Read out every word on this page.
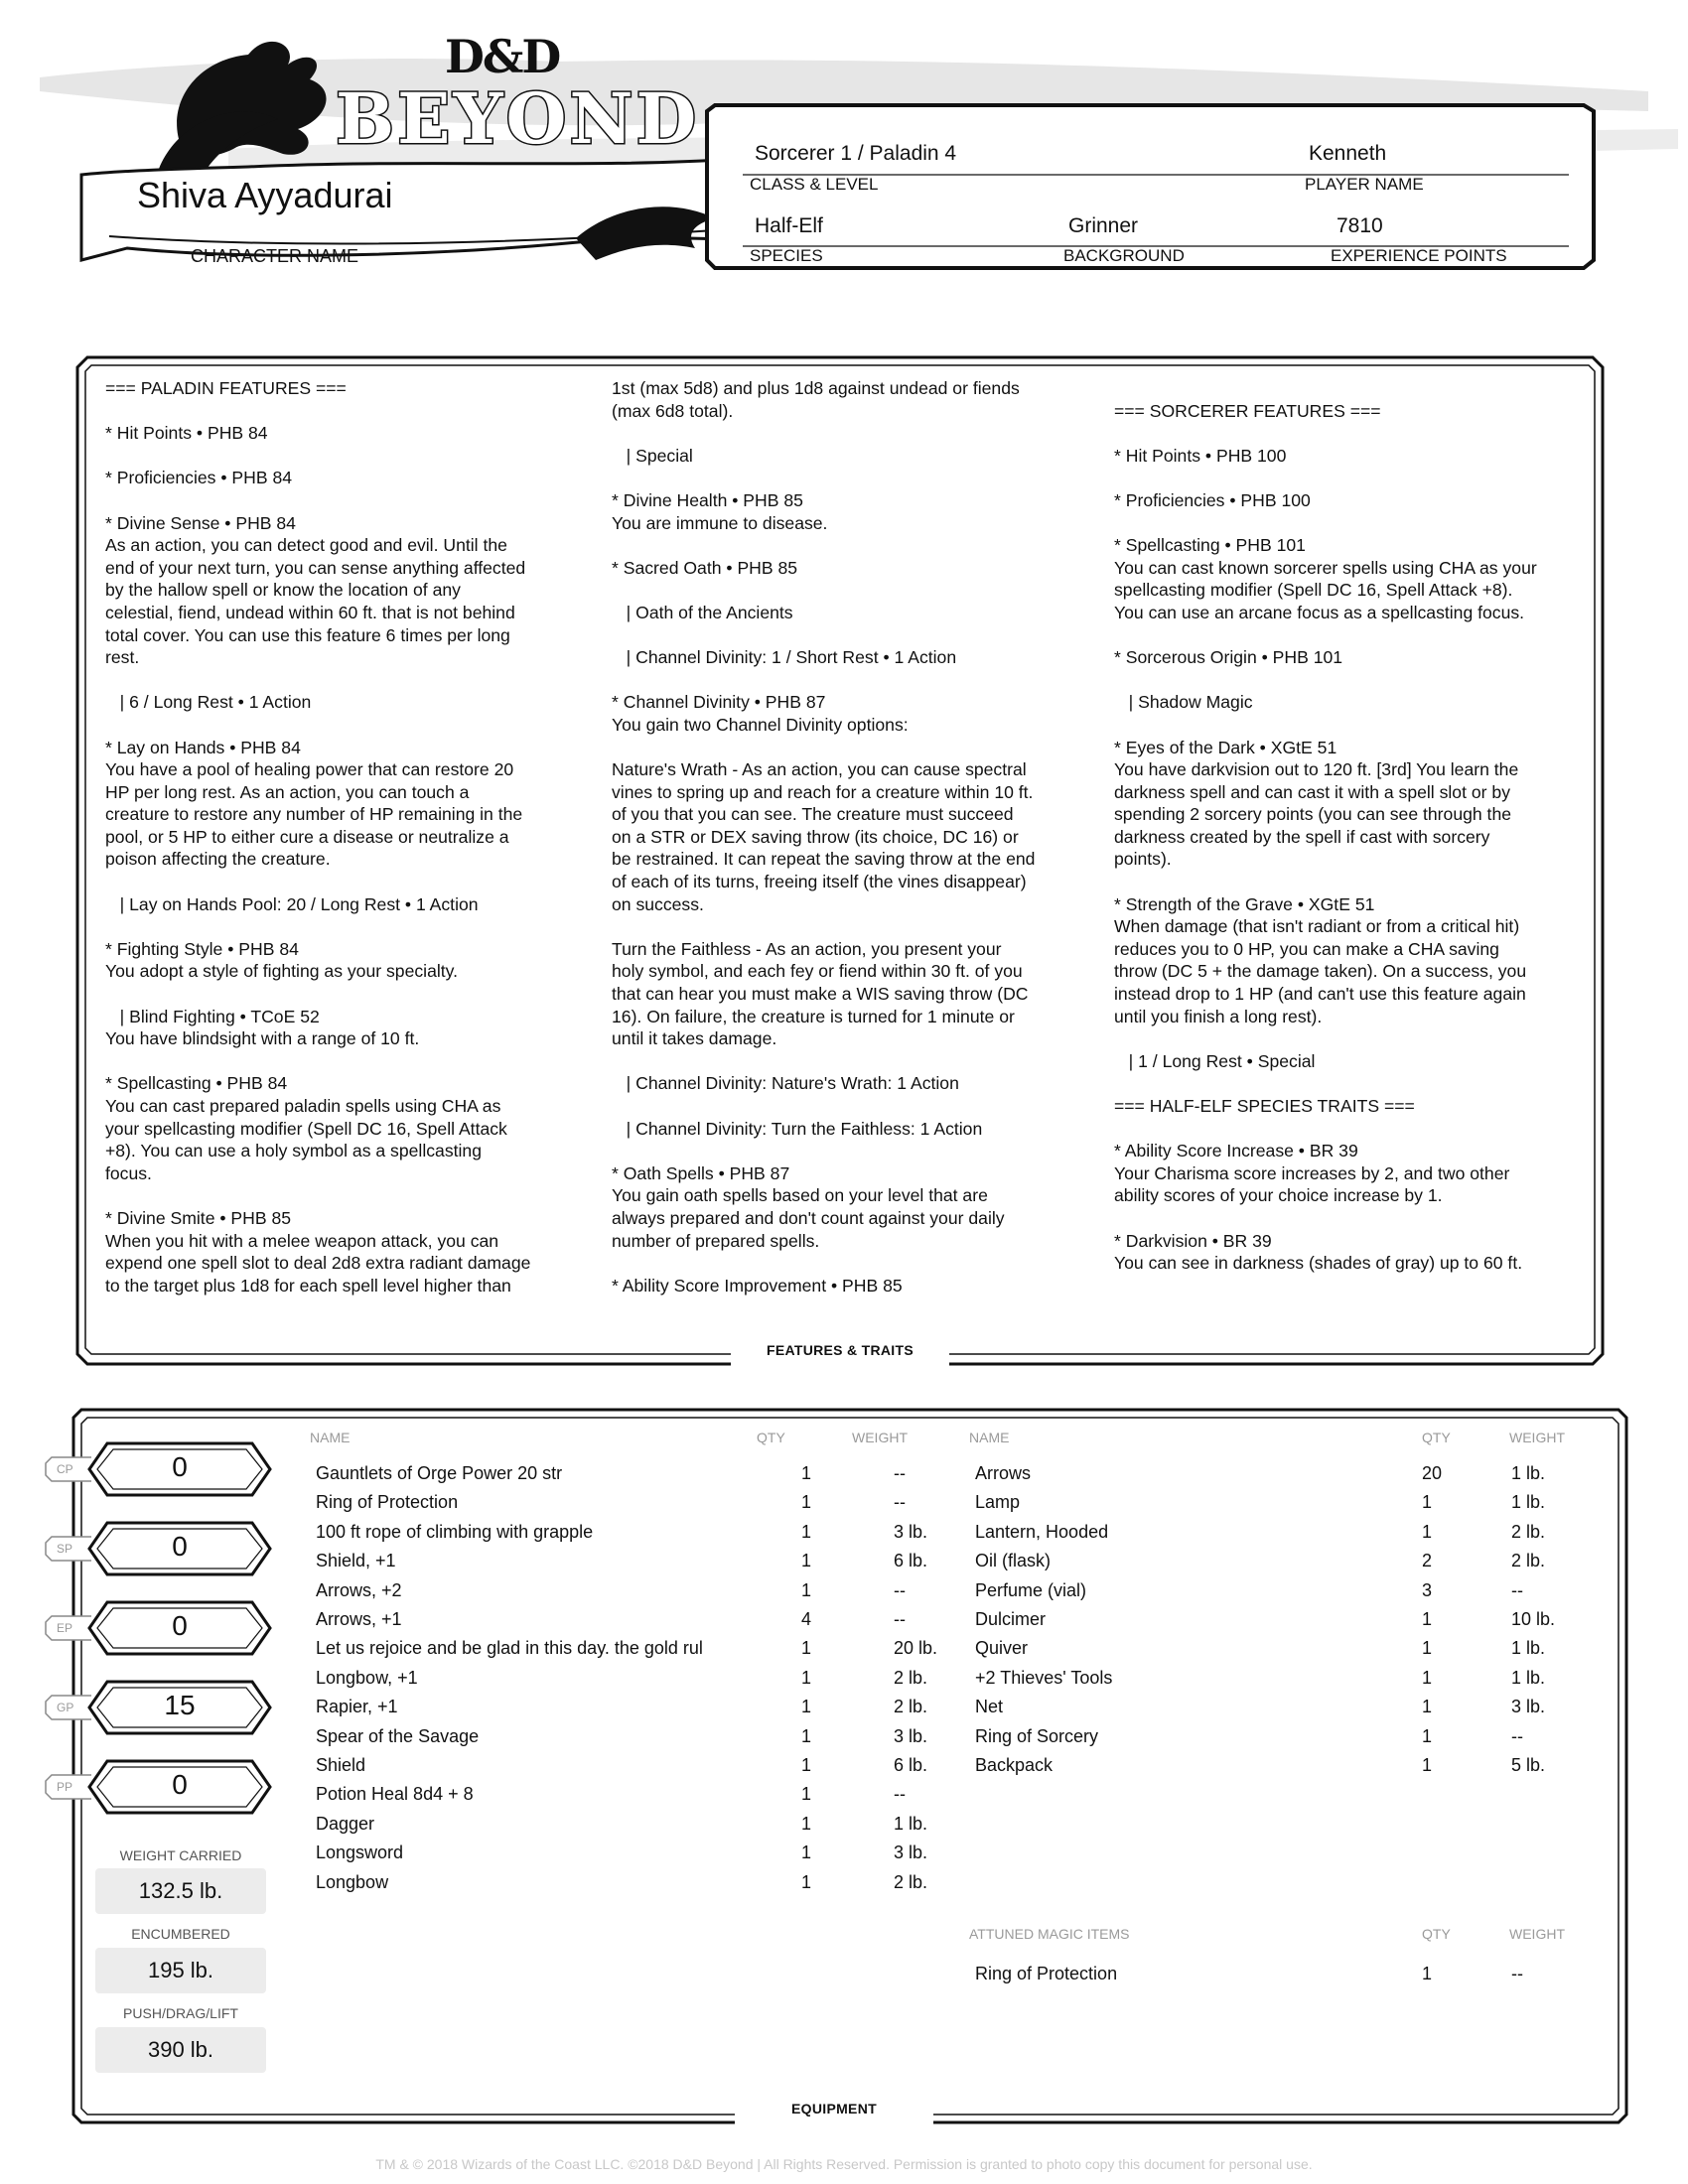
D&D
BEYOND
Shiva Ayyadurai
CHARACTER NAME
Sorcerer 1 / Paladin 4
CLASS & LEVEL
Kenneth
PLAYER NAME
Half-Elf
SPECIES
Grinner
BACKGROUND
7810
EXPERIENCE POINTS
=== PALADIN FEATURES ===

* Hit Points • PHB 84

* Proficiencies • PHB 84

* Divine Sense • PHB 84
As an action, you can detect good and evil. Until the
end of your next turn, you can sense anything affected
by the hallow spell or know the location of any
celestial, fiend, undead within 60 ft. that is not behind
total cover. You can use this feature 6 times per long
rest.

| 6 / Long Rest • 1 Action

* Lay on Hands • PHB 84
You have a pool of healing power that can restore 20
HP per long rest. As an action, you can touch a
creature to restore any number of HP remaining in the
pool, or 5 HP to either cure a disease or neutralize a
poison affecting the creature.

| Lay on Hands Pool: 20 / Long Rest • 1 Action

* Fighting Style • PHB 84
You adopt a style of fighting as your specialty.

| Blind Fighting • TCoE 52
You have blindsight with a range of 10 ft.

* Spellcasting • PHB 84
You can cast prepared paladin spells using CHA as
your spellcasting modifier (Spell DC 16, Spell Attack
+8). You can use a holy symbol as a spellcasting
focus.

* Divine Smite • PHB 85
When you hit with a melee weapon attack, you can
expend one spell slot to deal 2d8 extra radiant damage
to the target plus 1d8 for each spell level higher than
1st (max 5d8) and plus 1d8 against undead or fiends
(max 6d8 total).

| Special

* Divine Health • PHB 85
You are immune to disease.

* Sacred Oath • PHB 85

| Oath of the Ancients

| Channel Divinity: 1 / Short Rest • 1 Action

* Channel Divinity • PHB 87
You gain two Channel Divinity options:

Nature's Wrath - As an action, you can cause spectral
vines to spring up and reach for a creature within 10 ft.
of you that you can see. The creature must succeed
on a STR or DEX saving throw (its choice, DC 16) or
be restrained. It can repeat the saving throw at the end
of each of its turns, freeing itself (the vines disappear)
on success.

Turn the Faithless - As an action, you present your
holy symbol, and each fey or fiend within 30 ft. of you
that can hear you must make a WIS saving throw (DC
16). On failure, the creature is turned for 1 minute or
until it takes damage.

| Channel Divinity: Nature's Wrath: 1 Action

| Channel Divinity: Turn the Faithless: 1 Action

* Oath Spells • PHB 87
You gain oath spells based on your level that are
always prepared and don't count against your daily
number of prepared spells.

* Ability Score Improvement • PHB 85

=== SORCERER FEATURES ===

* Hit Points • PHB 100

* Proficiencies • PHB 100

* Spellcasting • PHB 101
You can cast known sorcerer spells using CHA as your
spellcasting modifier (Spell DC 16, Spell Attack +8).
You can use an arcane focus as a spellcasting focus.

* Sorcerous Origin • PHB 101

| Shadow Magic

* Eyes of the Dark • XGtE 51
You have darkvision out to 120 ft. [3rd] You learn the
darkness spell and can cast it with a spell slot or by
spending 2 sorcery points (you can see through the
darkness created by the spell if cast with sorcery
points).

* Strength of the Grave • XGtE 51
When damage (that isn't radiant or from a critical hit)
reduces you to 0 HP, you can make a CHA saving
throw (DC 5 + the damage taken). On a success, you
instead drop to 1 HP (and can't use this feature again
until you finish a long rest).

| 1 / Long Rest • Special

=== HALF-ELF SPECIES TRAITS ===

* Ability Score Increase • BR 39
Your Charisma score increases by 2, and two other
ability scores of your choice increase by 1.

* Darkvision • BR 39
You can see in darkness (shades of gray) up to 60 ft.
FEATURES & TRAITS
CP	0
SP	0
EP	0
GP	15
PP	0
WEIGHT CARRIED
132.5 lb.
ENCUMBERED
195 lb.
PUSH/DRAG/LIFT
390 lb.
NAME	QTY	WEIGHT	NAME	QTY	WEIGHT
Gauntlets of Orge Power 20 str	1	--
Ring of Protection	1	--
100 ft rope of climbing with grapple	1	3 lb.
Shield, +1	1	6 lb.
Arrows, +2	1	--
Arrows, +1	4	--
Let us rejoice and be glad in this day. the gold rul	1	20 lb.
Longbow, +1	1	2 lb.
Rapier, +1	1	2 lb.
Spear of the Savage	1	3 lb.
Shield	1	6 lb.
Potion Heal 8d4 + 8	1	--
Dagger	1	1 lb.
Longsword	1	3 lb.
Longbow	1	2 lb.
Arrows	20	1 lb.
Lamp	1	1 lb.
Lantern, Hooded	1	2 lb.
Oil (flask)	2	2 lb.
Perfume (vial)	3	--
Dulcimer	1	10 lb.
Quiver	1	1 lb.
+2 Thieves' Tools	1	1 lb.
Net	1	3 lb.
Ring of Sorcery	1	--
Backpack	1	5 lb.
ATTUNED MAGIC ITEMS	QTY	WEIGHT
Ring of Protection	1	--
EQUIPMENT
TM & © 2018 Wizards of the Coast LLC. ©2018 D&D Beyond | All Rights Reserved. Permission is granted to photo copy this document for personal use.
